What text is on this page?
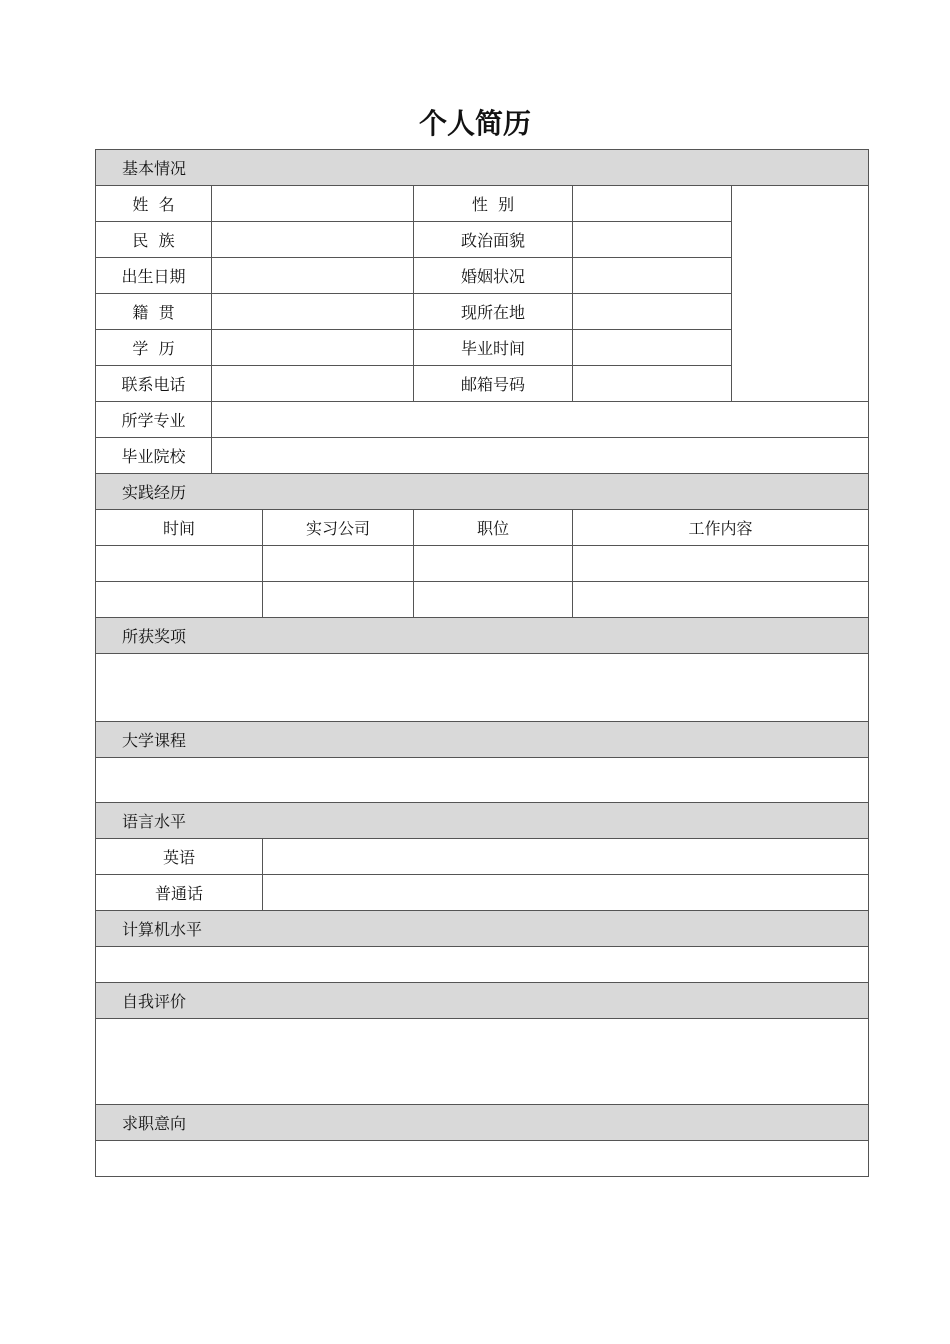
个人简历
基本情况					
姓  名			性  别		
民  族			政治面貌		
出生日期			婚姻状况		
籍  贯			现所在地		
学  历			毕业时间		
联系电话			邮箱号码		
所学专业					
毕业院校					
实践经历					
时间		实习公司	职位	工作内容	

所获奖项					

大学课程					

语言水平					
英语					
普通话					
计算机水平					

自我评价					

求职意向					
